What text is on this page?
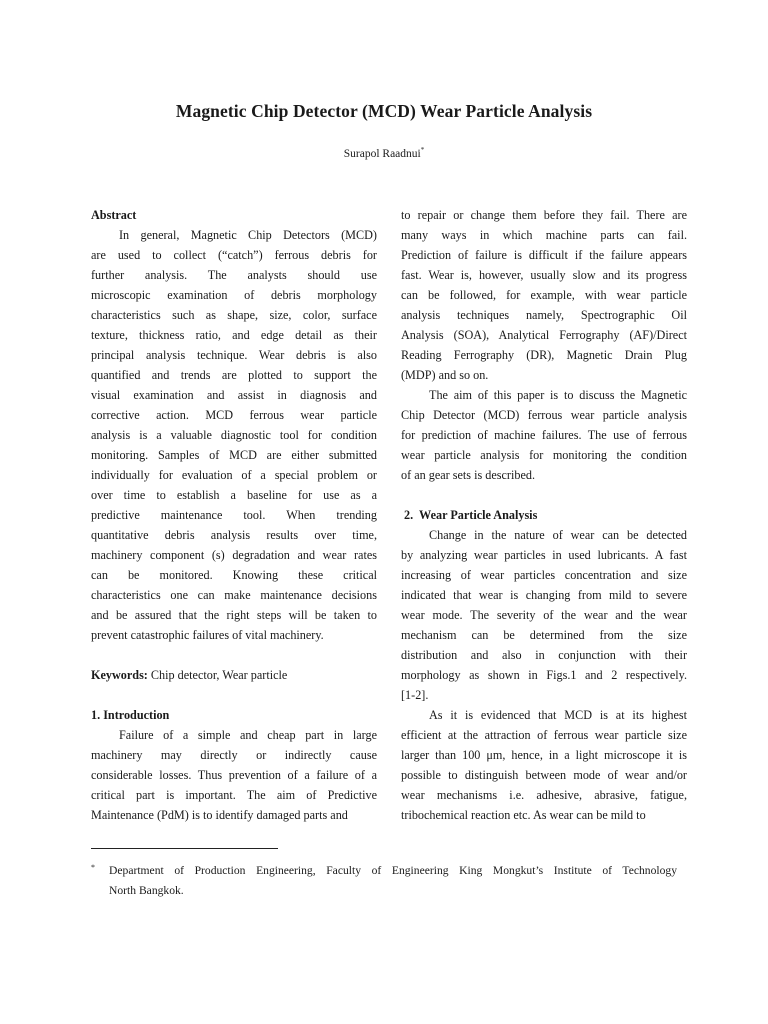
Magnetic Chip Detector (MCD) Wear Particle Analysis
Surapol Raadnui*
Abstract
In general, Magnetic Chip Detectors (MCD)
are used to collect (“catch”) ferrous debris for
further analysis. The analysts should use
microscopic examination of debris morphology
characteristics such as shape, size, color, surface
texture, thickness ratio, and edge detail as their
principal analysis technique. Wear debris is also
quantified and trends are plotted to support the
visual examination and assist in diagnosis and
corrective action. MCD ferrous wear particle
analysis is a valuable diagnostic tool for condition
monitoring. Samples of MCD are either submitted
individually for evaluation of a special problem or
over time to establish a baseline for use as a
predictive maintenance tool. When trending
quantitative debris analysis results over time,
machinery component (s) degradation and wear rates
can be monitored. Knowing these critical
characteristics one can make maintenance decisions
and be assured that the right steps will be taken to
prevent catastrophic failures of vital machinery.
Keywords: Chip detector, Wear particle
1. Introduction
Failure of a simple and cheap part in large
machinery may directly or indirectly cause
considerable losses. Thus prevention of a failure of a
critical part is important. The aim of Predictive
Maintenance (PdM) is to identify damaged parts and
to repair or change them before they fail. There are
many ways in which machine parts can fail.
Prediction of failure is difficult if the failure appears
fast. Wear is, however, usually slow and its progress
can be followed, for example, with wear particle
analysis techniques namely, Spectrographic Oil
Analysis (SOA), Analytical Ferrography (AF)/Direct
Reading Ferrography (DR), Magnetic Drain Plug
(MDP) and so on.
The aim of this paper is to discuss the Magnetic
Chip Detector (MCD) ferrous wear particle analysis
for prediction of machine failures. The use of ferrous
wear particle analysis for monitoring the condition
of an gear sets is described.
2.  Wear Particle Analysis
Change in the nature of wear can be detected
by analyzing wear particles in used lubricants. A fast
increasing of wear particles concentration and size
indicated that wear is changing from mild to severe
wear mode. The severity of the wear and the wear
mechanism can be determined from the size
distribution and also in conjunction with their
morphology as shown in Figs.1 and 2 respectively.
[1-2].
As it is evidenced that MCD is at its highest
efficient at the attraction of ferrous wear particle size
larger than 100 μm, hence, in a light microscope it is
possible to distinguish between mode of wear and/or
wear mechanisms i.e. adhesive, abrasive, fatigue,
tribochemical reaction etc. As wear can be mild to
* Department of Production Engineering, Faculty of Engineering King Mongkut’s Institute of Technology
North Bangkok.
